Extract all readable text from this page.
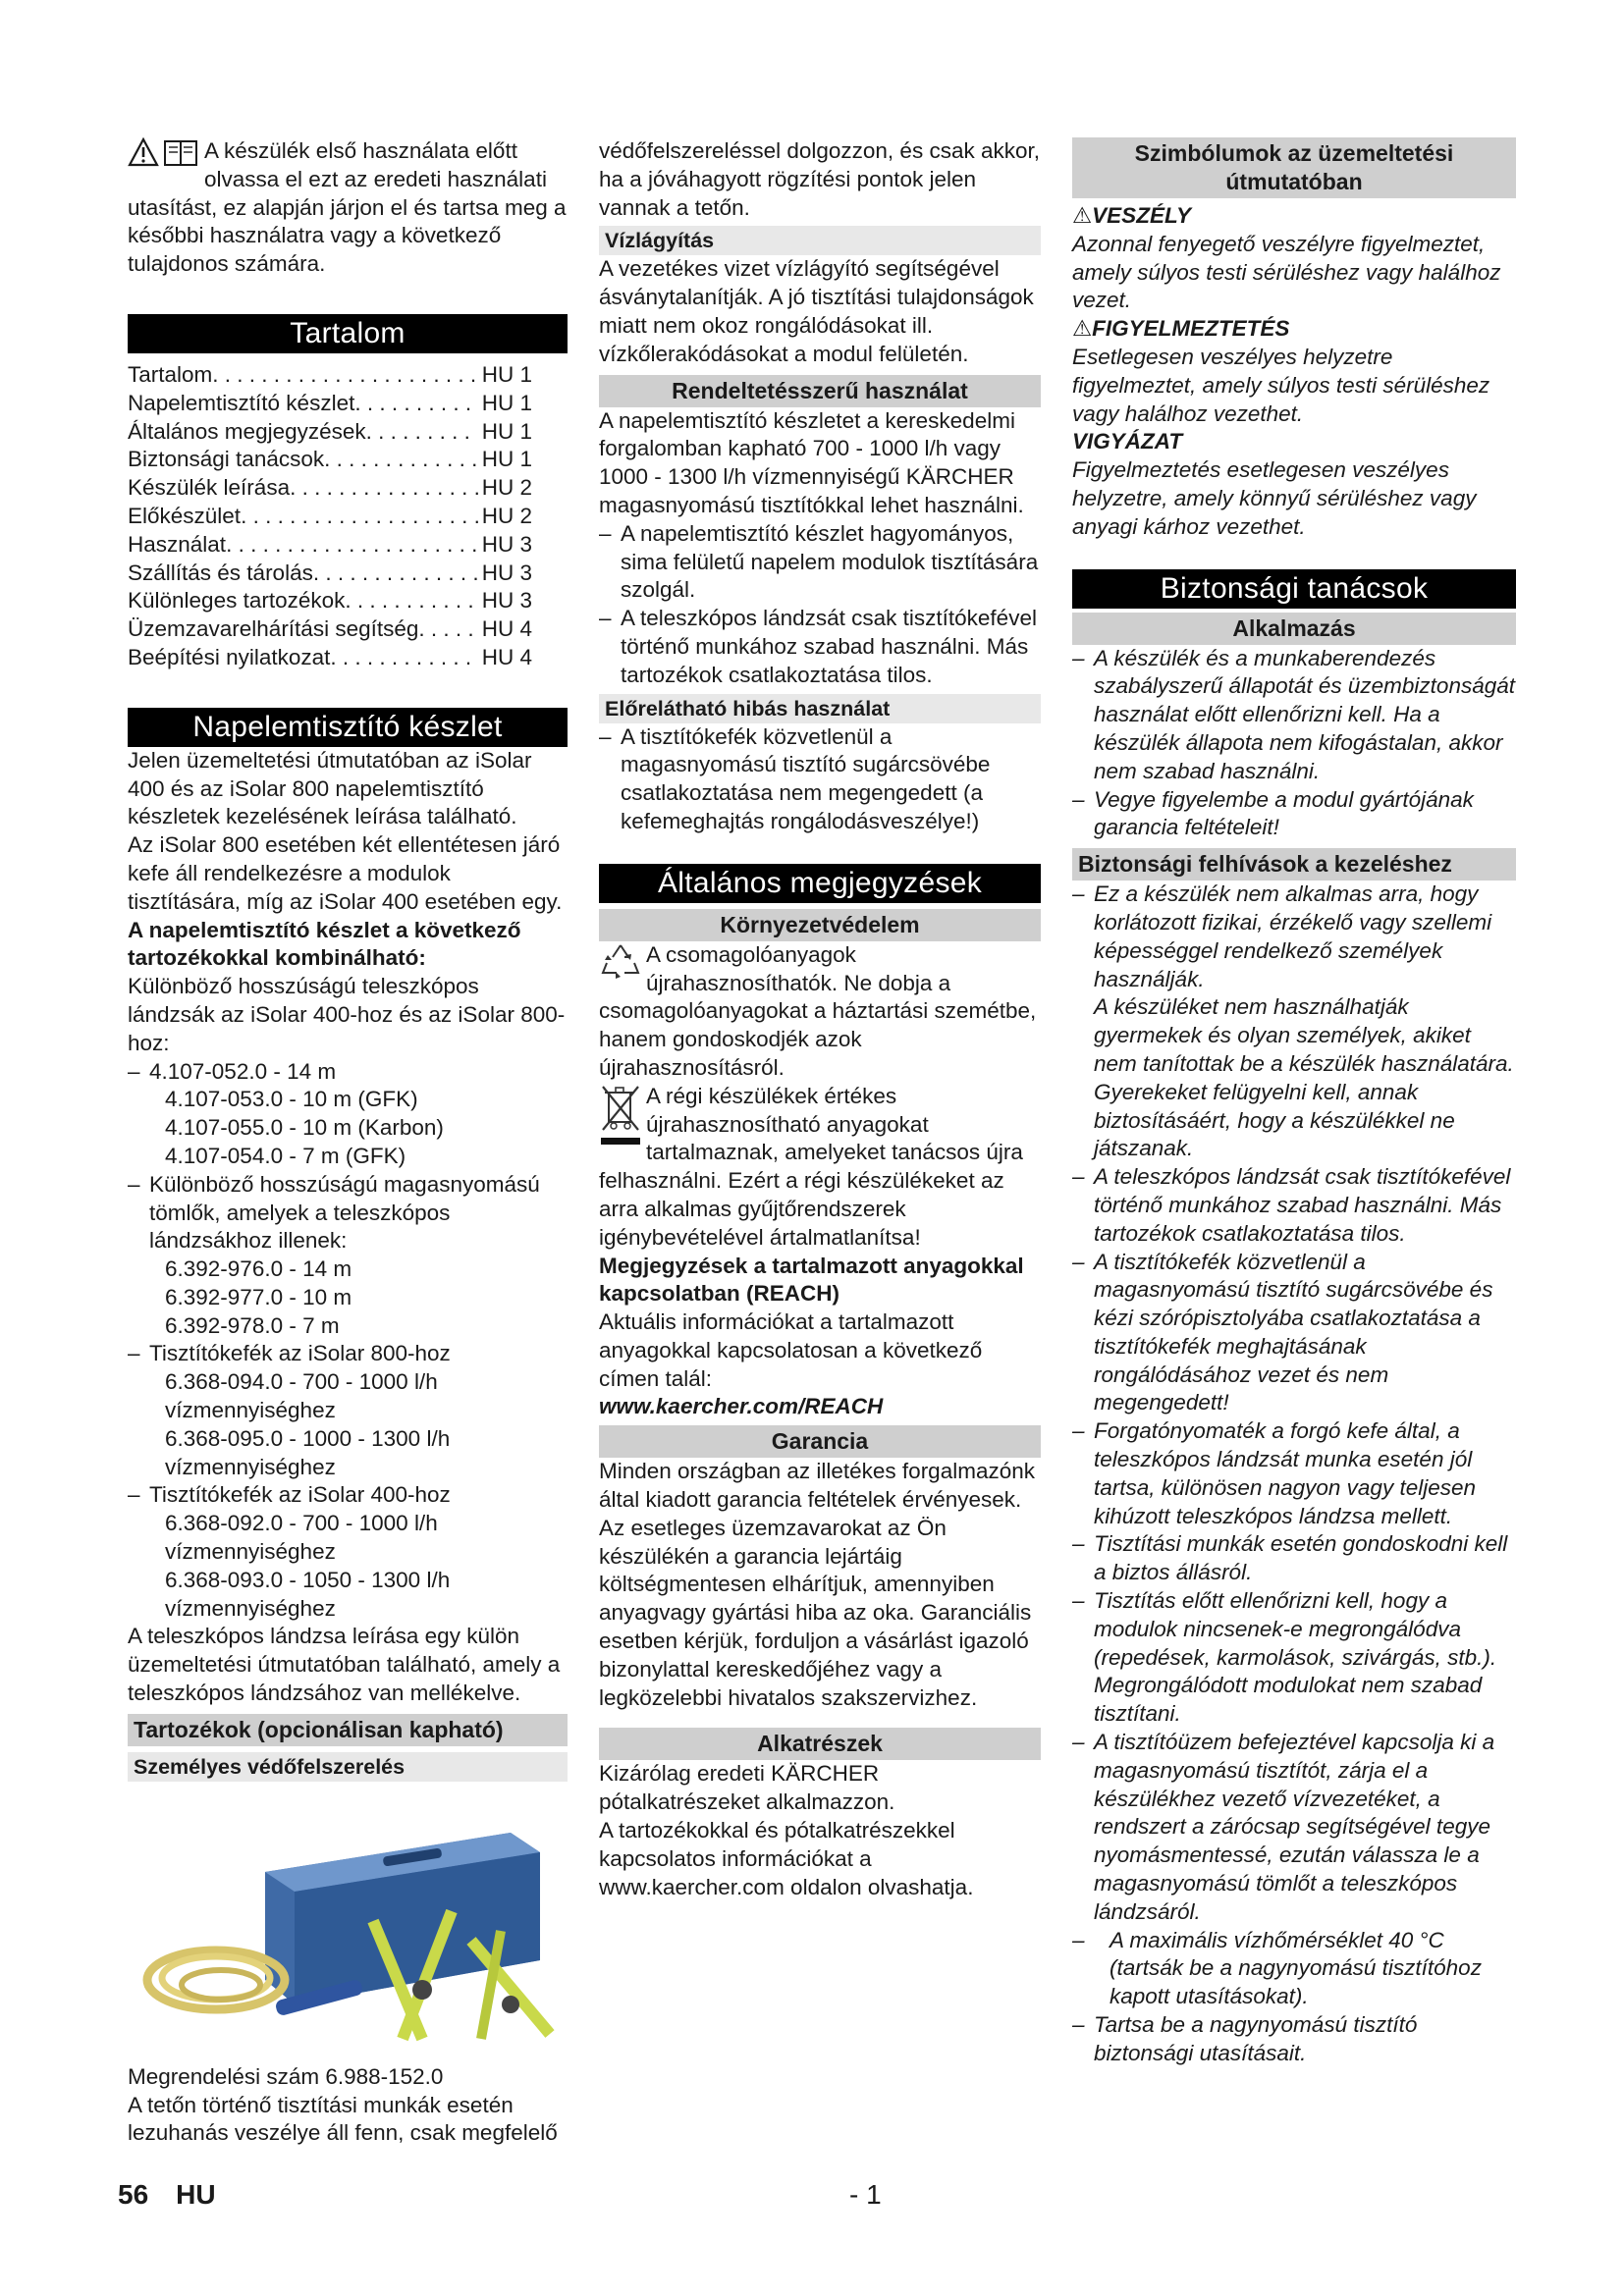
A készülék első használata előtt olvassa el ezt az eredeti használati utasítást, ez alapján járjon el és tartsa meg a későbbi használatra vagy a következő tulajdonos számára.

Tartalom
Tartalom . . .	HU 1
Napelemtisztító készlet . . .	HU 1
Általános megjegyzések . . .	HU 1
Biztonsági tanácsok . . .	HU 1
Készülék leírása . . .	HU 2
Előkészület . . .	HU 2
Használat . . .	HU 3
Szállítás és tárolás . . .	HU 3
Különleges tartozékok . . .	HU 3
Üzemzavarelhárítási segítség . . .	HU 4
Beépítési nyilatkozat . . .	HU 4
Napelemtisztító készlet

Jelen üzemeltetési útmutatóban az iSolar 400 és az iSolar 800 napelemtisztító készletek kezelésének leírása található.

Az iSolar 800 esetében két ellentétesen járó kefe áll rendelkezésre a modulok tisztítására, míg az iSolar 400 esetében egy.

A napelemtisztító készlet a következő tartozékokkal kombinálható:

Különböző hosszúságú teleszkópos lándzsák az iSolar 400-hoz és az iSolar 800-hoz:

– 4.107-052.0 - 14 m

4.107-053.0 - 10 m (GFK)

4.107-055.0 - 10 m (Karbon)

4.107-054.0 - 7 m (GFK)

– Különböző hosszúságú magasnyomású tömlők, amelyek a teleszkópos lándzsákhoz illenek:

6.392-976.0 - 14 m

6.392-977.0 - 10 m

6.392-978.0 - 7 m

– Tisztítókefék az iSolar 800-hoz

6.368-094.0 - 700 - 1000 l/h vízmennyiséghez

6.368-095.0 - 1000 - 1300 l/h vízmennyiséghez

– Tisztítókefék az iSolar 400-hoz

6.368-092.0 - 700 - 1000 l/h vízmennyiséghez

6.368-093.0 - 1050 - 1300 l/h vízmennyiséghez

A teleszkópos lándzsa leírása egy külön üzemeltetési útmutatóban található, amely a teleszkópos lándzsához van mellékelve.

Tartozékok (opcionálisan kapható)
Személyes védőfelszerelés

Megrendelési szám 6.988-152.0

A tetőn történő tisztítási munkák esetén lezuhanás veszélye áll fenn, csak megfelelő

védőfelszereléssel dolgozzon, és csak akkor, ha a jóváhagyott rögzítési pontok jelen vannak a tetőn.

Vízlágyítás

A vezetékes vizet vízlágyító segítségével ásványtalanítják. A jó tisztítási tulajdonságok miatt nem okoz rongálódásokat ill. vízkőlerakódásokat a modul felületén.

Rendeltetésszerű használat

A napelemtisztító készletet a kereskedelmi forgalomban kapható 700 - 1000 l/h vagy 1000 - 1300 l/h vízmennyiségű KÄRCHER magasnyomású tisztítókkal lehet használni.

– A napelemtisztító készlet hagyományos, sima felületű napelem modulok tisztítására szolgál.
– A teleszkópos lándzsát csak tisztítókefével történő munkához szabad használni. Más tartozékok csatlakoztatása tilos.
Előrelátható hibás használat
– A tisztítókefék közvetlenül a magasnyomású tisztító sugárcsövébe csatlakoztatása nem megengedett (a kefemeghajtás rongálodásveszélye!)
Általános megjegyzések
Környezetvédelem

A csomagolóanyagok újrahasznosíthatók. Ne dobja a csomagolóanyagokat a háztartási szemétbe, hanem gondoskodjék azok újrahasznosításról.

A régi készülékek értékes újrahasznosítható anyagokat tartalmaznak, amelyeket tanácsos újra felhasználni. Ezért a régi készülékeket az arra alkalmas gyűjtőrendszerek igénybevételével ártalmatlanítsa!

Megjegyzések a tartalmazott anyagokkal kapcsolatban (REACH)

Aktuális információkat a tartalmazott anyagokkal kapcsolatosan a következő címen talál:

www.kaercher.com/REACH

Garancia

Minden országban az illetékes forgalmazónk által kiadott garancia feltételek érvényesek. Az esetleges üzemzavarokat az Ön készülékén a garancia lejártáig költségmentesen elhárítjuk, amennyiben anyagvagy gyártási hiba az oka. Garanciális esetben kérjük, forduljon a vásárlást igazoló bizonylattal kereskedőjéhez vagy a legközelebbi hivatalos szakszervizhez.

Alkatrészek

Kizárólag eredeti KÄRCHER pótalkatrészeket alkalmazzon.

A tartozékokkal és pótalkatrészekkel kapcsolatos információkat a www.kaercher.com oldalon olvashatja.

Szimbólumok az üzemeltetési útmutatóban

⚠VESZÉLY

Azonnal fenyegető veszélyre figyelmeztet, amely súlyos testi sérüléshez vagy halálhoz vezet.

⚠FIGYELMEZTETÉS

Esetlegesen veszélyes helyzetre figyelmeztet, amely súlyos testi sérüléshez vagy halálhoz vezethet.

VIGYÁZAT

Figyelmeztetés esetlegesen veszélyes helyzetre, amely könnyű sérüléshez vagy anyagi kárhoz vezethet.

Biztonsági tanácsok
Alkalmazás
– A készülék és a munkaberendezés szabályszerű állapotát és üzembiztonságát használat előtt ellenőrizni kell. Ha a készülék állapota nem kifogástalan, akkor nem szabad használni.
– Vegye figyelembe a modul gyártójának garancia feltételeit!
Biztonsági felhívások a kezeléshez
– Ez a készülék nem alkalmas arra, hogy korlátozott fizikai, érzékelő vagy szellemi képességgel rendelkező személyek használják.

A készüléket nem használhatják gyermekek és olyan személyek, akiket nem tanítottak be a készülék használatára. Gyerekeket felügyelni kell, annak biztosításáért, hogy a készülékkel ne játszanak.

– A teleszkópos lándzsát csak tisztítókefével történő munkához szabad használni. Más tartozékok csatlakoztatása tilos.
– A tisztítókefék közvetlenül a magasnyomású tisztító sugárcsövébe és kézi szórópisztolyába csatlakoztatása a tisztítókefék meghajtásának rongálódásához vezet és nem megengedett!
– Forgatónyomaték a forgó kefe által, a teleszkópos lándzsát munka esetén jól tartsa, különösen nagyon vagy teljesen kihúzott teleszkópos lándzsa mellett.
– Tisztítási munkák esetén gondoskodni kell a biztos állásról.
– Tisztítás előtt ellenőrizni kell, hogy a modulok nincsenek-e megrongálódva (repedések, karmolások, szivárgás, stb.). Megrongálódott modulokat nem szabad tisztítani.
– A tisztítóüzem befejeztével kapcsolja ki a magasnyomású tisztítót, zárja el a készülékhez vezető vízvezetéket, a rendszert a zárócsap segítségével tegye nyomásmentessé, ezután válassza le a magasnyomású tömlőt a teleszkópos lándzsáról.
–	A maximális vízhőmérséklet 40 °C (tartsák be a nagynyomású tisztítóhoz kapott utasításokat).
– Tartsa be a nagynyomású tisztító biztonsági utasításait.
56 HU	- 1
